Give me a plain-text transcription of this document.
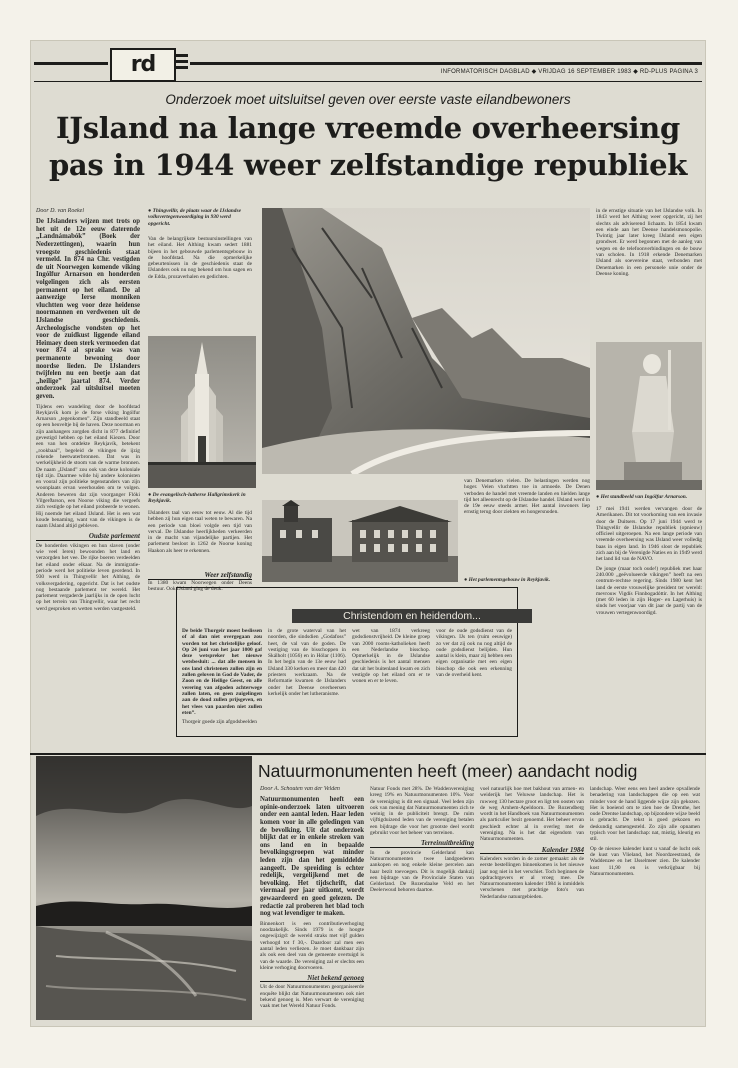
rd	INFORMATORISCH DAGBLAD ◆ VRIJDAG 16 SEPTEMBER 1983 ◆ RD-PLUS PAGINA 3
Onderzoek moet uitsluitsel geven over eerste vaste eilandbewoners
IJsland na lange vreemde overheersing
pas in 1944 weer zelfstandige republiek
Door D. van Roekel

De IJslanders wijzen met trots op het uit de 12e eeuw daterende „Landnámabók” (Boek der Nederzettingen), waarin hun vroegste geschiedenis staat vermeld. In 874 na Chr. vestigden de uit Noorwegen komende viking Ingólfur Arnarson en honderden volgelingen zich als eersten permanent op het eiland. De al aanwezige Ierse monniken vluchtten weg voor deze heidense noormannen en verdwenen uit de IJslandse geschiedenis. Archeologische vondsten op het voor de zuidkust liggende eiland Heimaey doen sterk vermoeden dat voor 874 al sprake was van permanente bewoning door noordse lieden. De IJslanders twijfelen nu een beetje aan dat „heilige” jaartal 874. Verder onderzoek zal uitsluitsel moeten geven.

Tijdens een wandeling door de hoofdstad Reykjavík kom je de forse viking Ingólfur Arnarson „tegenkomen”. Zijn standbeeld staat op een heuveltje bij de haven. Deze noorman en zijn aanhangers zorgden dicht in 877 definitief gevestigd hebben op het eiland Kiezen. Door een van hen ontdekte Reykjavík, betekent „rookbaai”, begeleid de vikingen de ijzig rokende heetwaterbronnen. Dat was in werkelijkheid de stoom van de warme bronnen. De naam „IJsland” zou ook van deze koloniale tijd zijn. Daarmee wilde hij andere kolonisten en vooral zijn politieke tegenstanders van zijn woonplaats ervan weerhouden om te volgen. Anderen beweren dat zijn voorganger Flóki Vilgerðarson, een Noorse viking die vergeefs zich vestigde op het eiland probeerde te wonen. Hij noemde het eiland IJsland. Het is een wat koude benaming, want van de vikingen is de naam IJsland altijd gebleven.

Oudste parlement

De honderden vikingen en hun slaven (onder wie veel Ieren) bewoonden het land en verzorgden het vee. De rijke boeren verdeelden het eiland onder elkaar. Na de immigratie-periode werd het politieke leven geordend. In 930 werd in Thingvellir het Althing, de volksvergadering, opgericht. Dat is het oudste nog bestaande parlement ter wereld. Het parlement vergaderde jaarlijks in de open lucht op het terrein van Thingvellir, waar het recht werd gesproken en wetten werden vastgesteld.

● Thingvellir, de plaats waar de IJslandse volksvertegenwoordiging in 930 werd opgericht.

Van de belangrijkste bestuursinstellingen van het eiland. Het Althing kwam sedert 1881 bijeen in het gebouwde parlementsgebouw in de hoofdstad. Na die opmerkelijke gebeurtenissen in de geschiedenis staat de IJslanders ook nu nog bekend om hun sagen en de Edda, prozaverhalen en gedichten.

● De evangelisch-lutherse Hallgrímskerk in Reykjavík.

IJslanders taal van eeuw tot eeuw. Al die tijd hebben zij hun eigen taal weten te bewaren. Na een periode van bloei volgde een tijd van verval. De IJslandse heerlijkheden verkeerden in de macht van vijandelijke partijen. Het parlement besloot in 1262 de Noorse koning Haakon als heer te erkennen.

Weer zelfstandig

In 1380 kwam Noorwegen onder Deens bestuur. Ook IJsland ging de deuk.

van Denemarken vielen. De belastingen werden nog hoger. Velen vluchtten toe in armoede. De Denen verboden de handel met vreemde landen en hielden lange tijd het alleenrecht op de IJslandse handel. IJsland werd in de 19e eeuw steeds armer. Het aantal inwoners liep ernstig terug door ziekten en hongersnoden.

● Het parlementsgebouw in Reykjavík.

in de ernstige situatie van het IJslandse volk. In 1843 werd het Althing weer opgericht, zij het slechts als adviserend lichaam. In 1854 kwam een einde aan het Deense handelsmonopolie. Twintig jaar later kreeg IJsland een eigen grondwet. Er werd begonnen met de aanleg van wegen en de telefoonverbindingen en de bouw van scholen. In 1918 erkende Denemarken IJsland als soevereine staat, verbonden met Denemarken in een personele unie onder de Deense koning.

● Het standbeeld van Ingólfur Arnarson.

17 mei 1941 werden vervangen door de Amerikanen. Dit tot voorkoming van een invasie door de Duitsers. Op 17 juni 1944 werd te Thingvellir de IJslandse republiek (opnieuw) officieel uitgeroepen. Na een lange periode van vreemde overheersing was IJsland weer volledig baas in eigen land. In 1946 sloot de republiek zich aan bij de Verenigde Naties en in 1949 werd het land lid van de NAVO.

De jonge (maar toch oude!) republiek met haar 240.000 „geëvolueerde vikingen” heeft na een centrum-rechtse regering. Sinds 1980 kent het land de eerste vrouwelijke president ter wereld: mevrouw Vigdís Finnbogadóttir. In het Althing (met 60 leden in zijn Hoger- en Lagerhuis) is sinds het voorjaar van dit jaar de partij van de vrouwen vertegenwoordigd.

Christendom en heidendom...

De beide Thorgeir moest beslissen of al dan niet overgegaan zou worden tot het christelijke geloof. Op 24 juni van het jaar 1000 gaf deze wetspreker het nieuwe wetsbesluit: ... dat alle mensen in ons land christenen zullen zijn en zullen geloven in God de Vader, de Zoon en de Heilige Geest, en alle verering van afgoden achterwege zullen laten, en geen zuigelingen aan de dood zullen prijsgeven, en het vlees van paarden niet zullen eten”.

Thorgeir goede zijn afgodsbeelden

in de grote waterval van het noorden, die sindsdien „Godafoss” heet, de val van de goden. De vestiging van de bisschoppen in Skálholt (1056) en in Hólar (1106). In het begin van de 13e eeuw had IJsland 330 kerken en meer dan 420 priesters werkzaam. Na de Reformatie kwamen de IJslanders onder het Deense overheersen kerkelijk onder het lutheranisme.

wet van 1874 verkreeg godsdienstvrijheid. De kleine groep van 2000 rooms-katholieken heeft een Nederlandse bisschop. Opmerkelijk in de IJslandse geschiedenis is het aantal mensen dat uit het buitenland kwam en zich vestigde op het eiland om er te wonen en er te leven.

voor de oude godsdienst van de vikingen. IJs ten (ruim eeuwige) zo ver dat zij ook nu nog altijd de oude godsdienst belijden. Hun aantal is klein, maar zij hebben een eigen organisatie met een eigen bisschop die ook een erkenning van de overheid kent.

Natuurmonumenten heeft (meer) aandacht nodig
Door A. Schouten van der Velden

Natuurmonumenten heeft een opinie-onderzoek laten uitvoeren onder een aantal leden. Haar leden komen voor in alle geledingen van de bevolking. Uit dat onderzoek blijkt dat er in enkele streken van ons land en in bepaalde bevolkingsgroepen wat minder leden zijn dan het gemiddelde aangeeft. De spreiding is echter redelijk, vergelijkend met de bevolking. Het tijdschrift, dat viermaal per jaar uitkomt, wordt gewaardeerd en goed gelezen. De redactie zal proberen het blad toch nog wat levendiger te maken.

Binnenkort is een contributieverhoging noodzakelijk. Sinds 1979 is de hoogte ongewijzigd: de wereld straks met vijf gulden verhoogd tot f 30,-. Daardoor zal men een aantal leden verliezen. Je moet dankbaar zijn als ook een deel van de gemeente overtuigd is van de waarde. De vereniging zal er slechts een kleine verhoging doorvoeren.

Niet bekend genoeg

Uit de door Natuurmonumenten georganiseerde enquête blijkt dat Natuurmonumenten ook niet bekend genoeg is. Men verwart de vereniging vaak met het Wereld Natuur Fonds.

Natuur Fonds met 28%. De Waddenvereniging kreeg 19% en Natuurmonumenten 10%. Voor de vereniging is dit een signaal. Veel leden zijn ook van mening dat Natuurmonumenten zich te weinig in de publiciteit brengt. De ruim vijftigduizend leden van de vereniging betalen een bijdrage die voor het grootste deel wordt gebruikt voor het beheer van terreinen.

Terreinuitbreiding

In de provincie Gelderland kan Natuurmonumenten twee landgoederen aankopen en nog enkele kleine percelen aan haar bezit toevoegen. Dit is mogelijk dankzij een bijdrage van de Provinciale Staten van Gelderland. De Rozendaalse Veld en het Deelerwoud behoren daartoe.

voel natuurlijk hoe met bakhout van armen- en weiderijk het Veluwse landschap. Het is ruwweg 130 hectare groot en ligt ten oosten van de weg Arnhem-Apeldoorn. De Rozendberg wordt in het Handboek van Natuurmonumenten als particulier bezit genoemd. Het beheer ervan geschiedt echter al in overleg met de vereniging. Na is het dat eigendom van Natuurmonumenten.

Kalender 1984

Kalenders worden in de zomer gemaakt: als de eerste bestellingen binnenkomen is het nieuwe jaar nog niet in het verschiet. Toch beginnen de opdrachtgevers er al vroeg mee. De Natuurmonumenten kalender 1984 is inmiddels verschenen met prachtige foto's van Nederlandse natuurgebieden.

landschap. Weer eens een heel andere opvallende benadering van landschappen die op een wat minder voor de hand liggende wijze zijn gekozen. Het is boeiend om te zien hoe de Drenthe, het oude Drentse landschap, op bijzondere wijze beeld is gebracht. De tekst is goed gekozen en deskundig samengesteld. Zo zijn alle opnamen typisch voor het landschap: nat, mistig, kleurig en stil.

Op de nieuwe kalender kunt u vanaf de lucht ook de kust van Vlieland, het Noordzeestrand, de Waddenzee en het IJsselmeer zien. De kalender kost 11,90 en is verkrijgbaar bij Natuurmonumenten.
